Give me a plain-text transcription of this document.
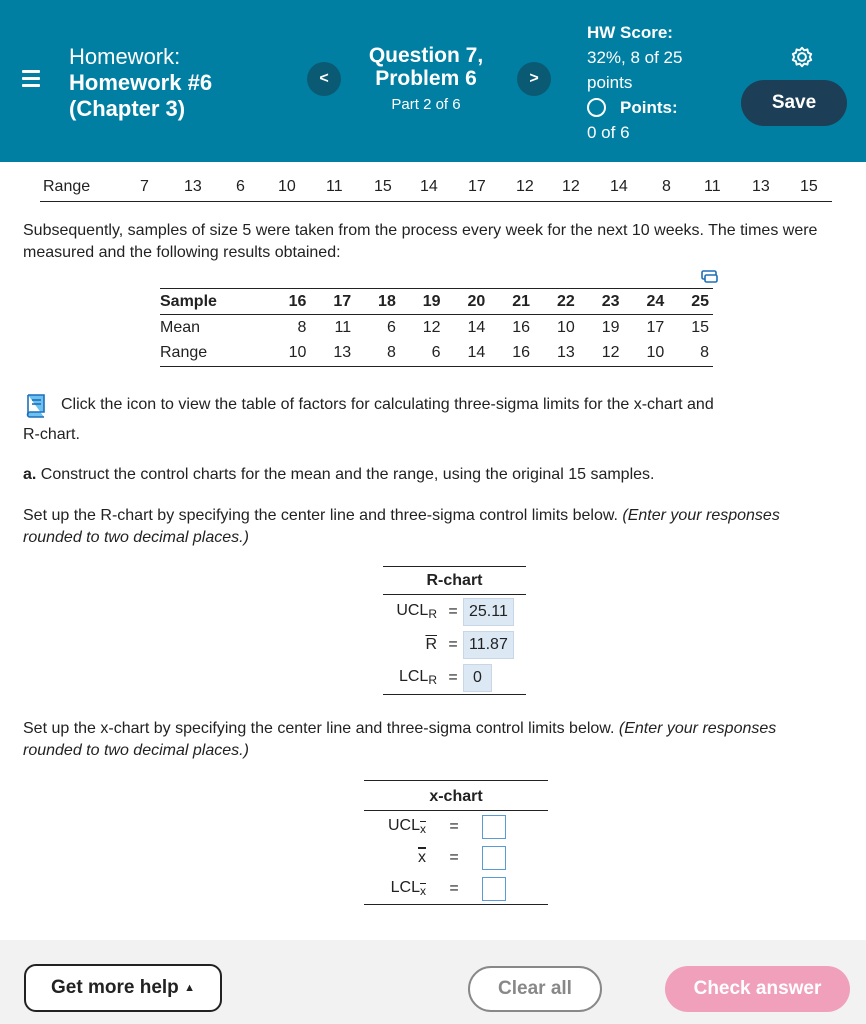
Homework:
Homework #6
(Chapter 3)
<
Question 7,
Problem 6
Part 2 of 6
>
HW Score:
32%, 8 of 25
points
Points:
0 of 6
Save
Range	7 13 6 10 11 15 14 17 12 12 14 8 11 13 15
Subsequently, samples of size 5 were taken from the process every week for the next 10 weeks. The times were measured and the following results obtained:
Sample	16	17	18	19	20	21	22	23	24	25
Mean	8	11	6	12	14	16	10	19	17	15
Range	10	13	8	6	14	16	13	12	10	8
Click the icon to view the table of factors for calculating three-sigma limits for the x-chart and
R-chart.
a. Construct the control charts for the mean and the range, using the original 15 samples.
Set up the R-chart by specifying the center line and three-sigma control limits below. (Enter your responses rounded to two decimal places.)
R-chart
$UCL_R = 25.11$
$\overline{R} = 11.87$
$LCL_R = 0$
Set up the x-chart by specifying the center line and three-sigma control limits below. (Enter your responses rounded to two decimal places.)
x-chart
$UCL_{\overline{x}}$	=
$\overline{x}$	=
$LCL_{\overline{x}}$	=
Get more help ▲	Clear all	Check answer
